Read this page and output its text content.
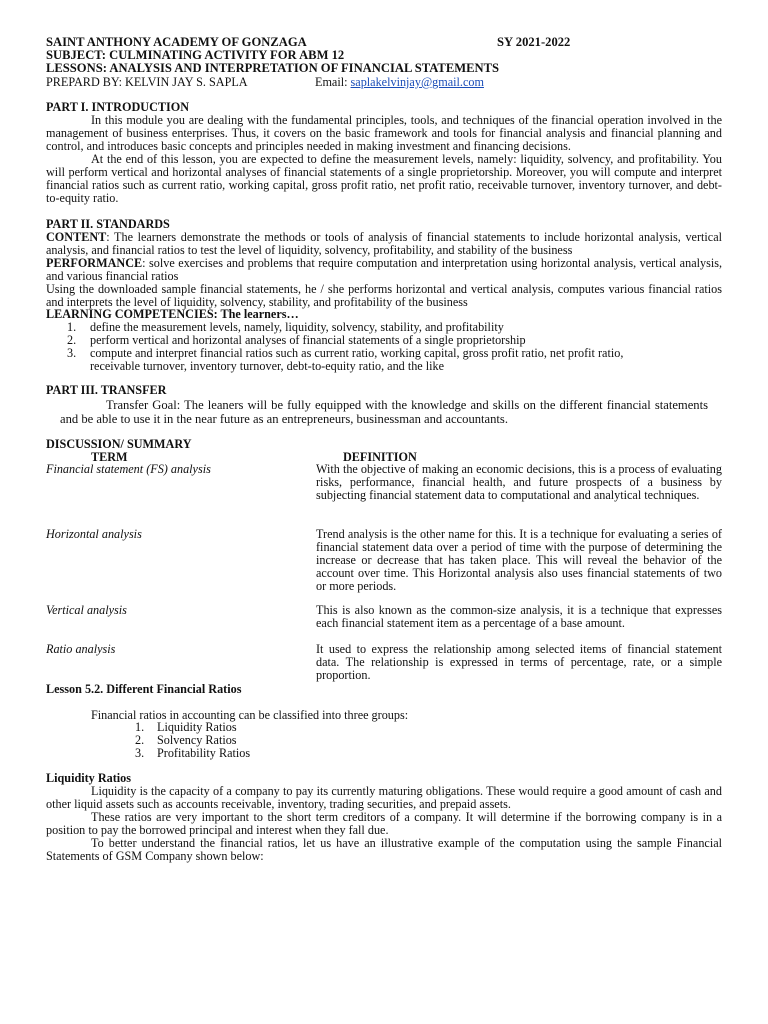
SAINT ANTHONY ACADEMY OF GONZAGA	SY 2021-2022
SUBJECT: CULMINATING ACTIVITY FOR ABM 12
LESSONS: ANALYSIS AND INTERPRETATION OF FINANCIAL STATEMENTS
PREPARD BY: KELVIN JAY S. SAPLA	Email: saplakelvinjay@gmail.com
PART I. INTRODUCTION

In this module you are dealing with the fundamental principles, tools, and techniques of the financial operation involved in the management of business enterprises. Thus, it covers on the basic framework and tools for financial analysis and financial planning and control, and introduces basic concepts and principles needed in making investment and financing decisions.

At the end of this lesson, you are expected to define the measurement levels, namely: liquidity, solvency, and profitability. You will perform vertical and horizontal analyses of financial statements of a single proprietorship. Moreover, you will compute and interpret financial ratios such as current ratio, working capital, gross profit ratio, net profit ratio, receivable turnover, inventory turnover, and debt-to-equity ratio.

PART II. STANDARDS

CONTENT: The learners demonstrate the methods or tools of analysis of financial statements to include horizontal analysis, vertical analysis, and financial ratios to test the level of liquidity, solvency, profitability, and stability of the business

PERFORMANCE: solve exercises and problems that require computation and interpretation using horizontal analysis, vertical analysis, and various financial ratios

Using the downloaded sample financial statements, he / she performs horizontal and vertical analysis, computes various financial ratios and interprets the level of liquidity, solvency, stability, and profitability of the business

LEARNING COMPETENCIES: The learners…
1. define the measurement levels, namely, liquidity, solvency, stability, and profitability
2. perform vertical and horizontal analyses of financial statements of a single proprietorship
3. compute and interpret financial ratios such as current ratio, working capital, gross profit ratio, net profit ratio,
receivable turnover, inventory turnover, debt-to-equity ratio, and the like
PART III. TRANSFER
Transfer Goal: The leaners will be fully equipped with the knowledge and skills on the different financial statements and be able to use it in the near future as an entrepreneurs, businessman and accountants.
DISCUSSION/ SUMMARY
TERM	DEFINITION
Financial statement (FS) analysis	With the objective of making an economic decisions, this is a process of evaluating risks, performance, financial health, and future prospects of a business by subjecting financial statement data to computational and analytical techniques.
Horizontal analysis	Trend analysis is the other name for this. It is a technique for evaluating a series of financial statement data over a period of time with the purpose of determining the increase or decrease that has taken place. This will reveal the behavior of the account over time. This Horizontal analysis also uses financial statements of two or more periods.
Vertical analysis	This is also known as the common-size analysis, it is a technique that expresses each financial statement item as a percentage of a base amount.
Ratio analysis	It used to express the relationship among selected items of financial statement data. The relationship is expressed in terms of percentage, rate, or a simple proportion.
Lesson 5.2. Different Financial Ratios
Financial ratios in accounting can be classified into three groups:
1. Liquidity Ratios
2. Solvency Ratios
3. Profitability Ratios
Liquidity Ratios

Liquidity is the capacity of a company to pay its currently maturing obligations. These would require a good amount of cash and other liquid assets such as accounts receivable, inventory, trading securities, and prepaid assets.

These ratios are very important to the short term creditors of a company. It will determine if the borrowing company is in a position to pay the borrowed principal and interest when they fall due.

To better understand the financial ratios, let us have an illustrative example of the computation using the sample Financial Statements of GSM Company shown below:
